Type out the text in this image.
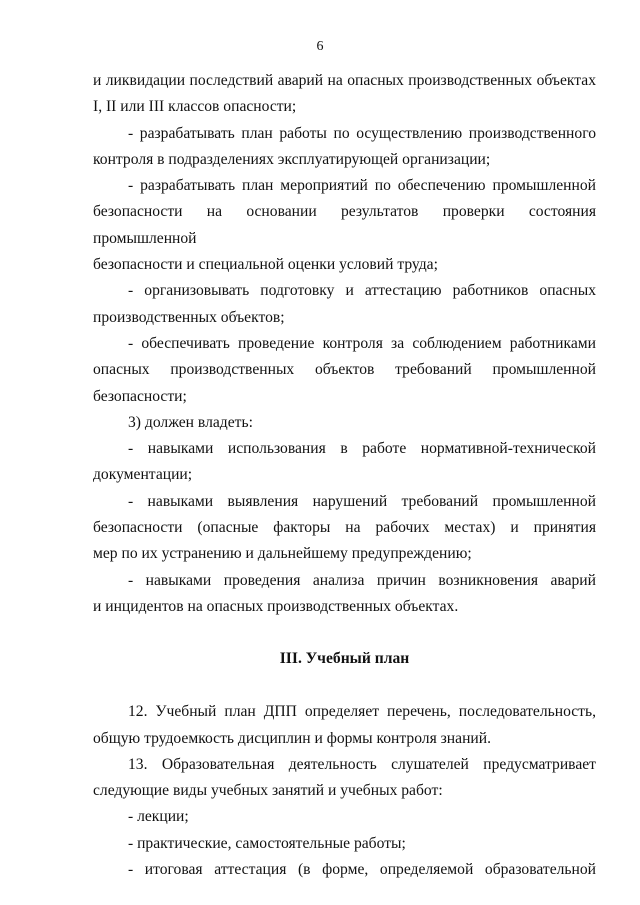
6

и ликвидации последствий аварий на опасных производственных объектах

I, II или III классов опасности;

- разрабатывать план работы по осуществлению производственного

контроля в подразделениях эксплуатирующей организации;

- разрабатывать план мероприятий по обеспечению промышленной

безопасности на основании результатов проверки состояния промышленной

безопасности и специальной оценки условий труда;

- организовывать подготовку и аттестацию работников опасных

производственных объектов;

- обеспечивать проведение контроля за соблюдением работниками

опасных производственных объектов требований промышленной

безопасности;

3) должен владеть:

- навыками использования в работе нормативной-технической

документации;

- навыками выявления нарушений требований промышленной

безопасности (опасные факторы на рабочих местах) и принятия

мер по их устранению и дальнейшему предупреждению;

- навыками проведения анализа причин возникновения аварий

и инцидентов на опасных производственных объектах.

III. Учебный план

12. Учебный план ДПП определяет перечень, последовательность,

общую трудоемкость дисциплин и формы контроля знаний.

13. Образовательная деятельность слушателей предусматривает

следующие виды учебных занятий и учебных работ:

- лекции;

- практические, самостоятельные работы;

- итоговая аттестация (в форме, определяемой образовательной
